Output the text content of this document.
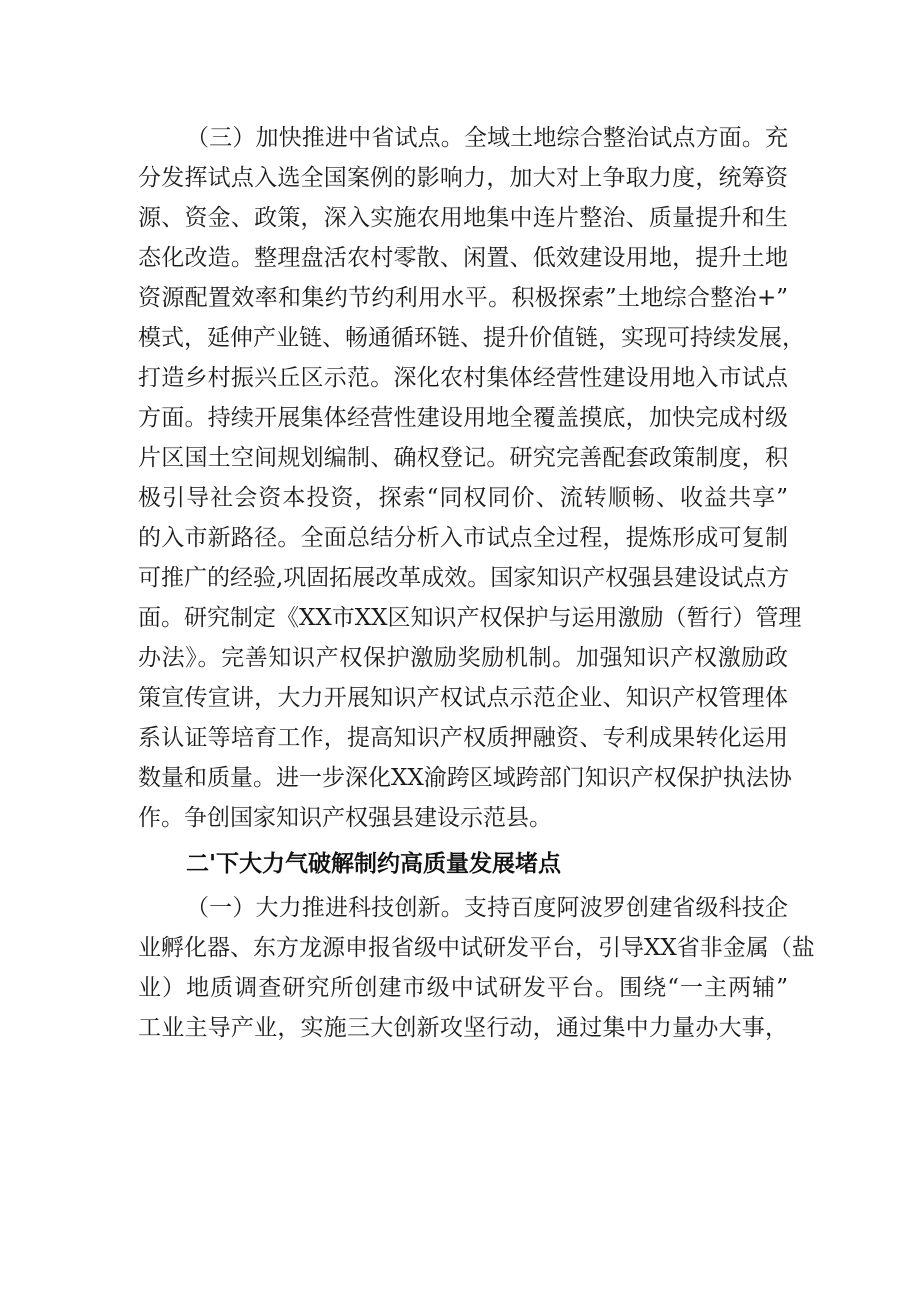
（三）加快推进中省试点。全域土地综合整治试点方面。充
分发挥试点入选全国案例的影响力，加大对上争取力度，统筹资
源、资金、政策，深入实施农用地集中连片整治、质量提升和生
态化改造。整理盘活农村零散、闲置、低效建设用地，提升土地
资源配置效率和集约节约利用水平。积极探索”土地综合整治+”
模式，延伸产业链、畅通循环链、提升价值链，实现可持续发展，
打造乡村振兴丘区示范。深化农村集体经营性建设用地入市试点
方面。持续开展集体经营性建设用地全覆盖摸底，加快完成村级
片区国土空间规划编制、确权登记。研究完善配套政策制度，积
极引导社会资本投资，探索“同权同价、流转顺畅、收益共享”
的入市新路径。全面总结分析入市试点全过程，提炼形成可复制
可推广的经验,巩固拓展改革成效。国家知识产权强县建设试点方
面。研究制定《XX市XX区知识产权保护与运用激励（暂行）管理
办法》。完善知识产权保护激励奖励机制。加强知识产权激励政
策宣传宣讲，大力开展知识产权试点示范企业、知识产权管理体
系认证等培育工作，提高知识产权质押融资、专利成果转化运用
数量和质量。进一步深化XX渝跨区域跨部门知识产权保护执法协
作。争创国家知识产权强县建设示范县。
二'下大力气破解制约高质量发展堵点
（一）大力推进科技创新。支持百度阿波罗创建省级科技企
业孵化器、东方龙源申报省级中试研发平台，引导XX省非金属（盐
业）地质调查研究所创建市级中试研发平台。围绕“一主两辅”
工业主导产业，实施三大创新攻坚行动，通过集中力量办大事，
